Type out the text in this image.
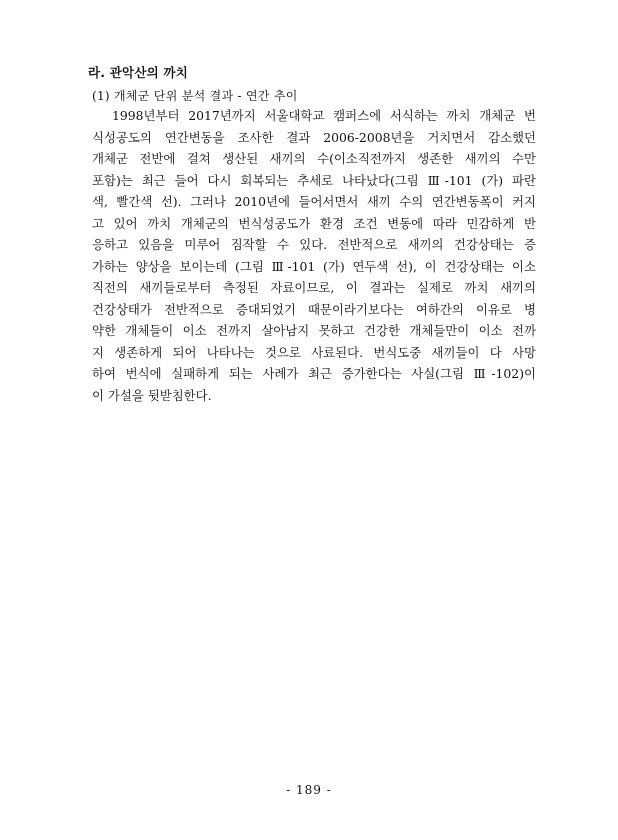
라. 관악산의 까치
(1) 개체군 단위 분석 결과 - 연간 추이
1998년부터 2017년까지 서울대학교 캠퍼스에 서식하는 까치 개체군 번
식성공도의 연간변동을 조사한 결과 2006-2008년을 거치면서 감소했던
개체군 전반에 걸쳐 생산된 새끼의 수(이소직전까지 생존한 새끼의 수만
포함)는 최근 들어 다시 회복되는 추세로 나타났다(그림 Ⅲ-101 (가) 파란
색, 빨간색 선). 그러나 2010년에 들어서면서 새끼 수의 연간변동폭이 커지
고 있어 까치 개체군의 번식성공도가 환경 조건 변동에 따라 민감하게 반
응하고 있음을 미루어 짐작할 수 있다. 전반적으로 새끼의 건강상태는 증
가하는 양상을 보이는데 (그림 Ⅲ-101 (가) 연두색 선), 이 건강상태는 이소
직전의 새끼들로부터 측정된 자료이므로, 이 결과는 실제로 까치 새끼의
건강상태가 전반적으로 증대되었기 때문이라기보다는 여하간의 이유로 병
약한 개체들이 이소 전까지 살아남지 못하고 건강한 개체들만이 이소 전까
지 생존하게 되어 나타나는 것으로 사료된다. 번식도중 새끼들이 다 사망
하여 번식에 실패하게 되는 사례가 최근 증가한다는 사실(그림 Ⅲ-102)이
이 가설을 뒷받침한다.
- 189 -
